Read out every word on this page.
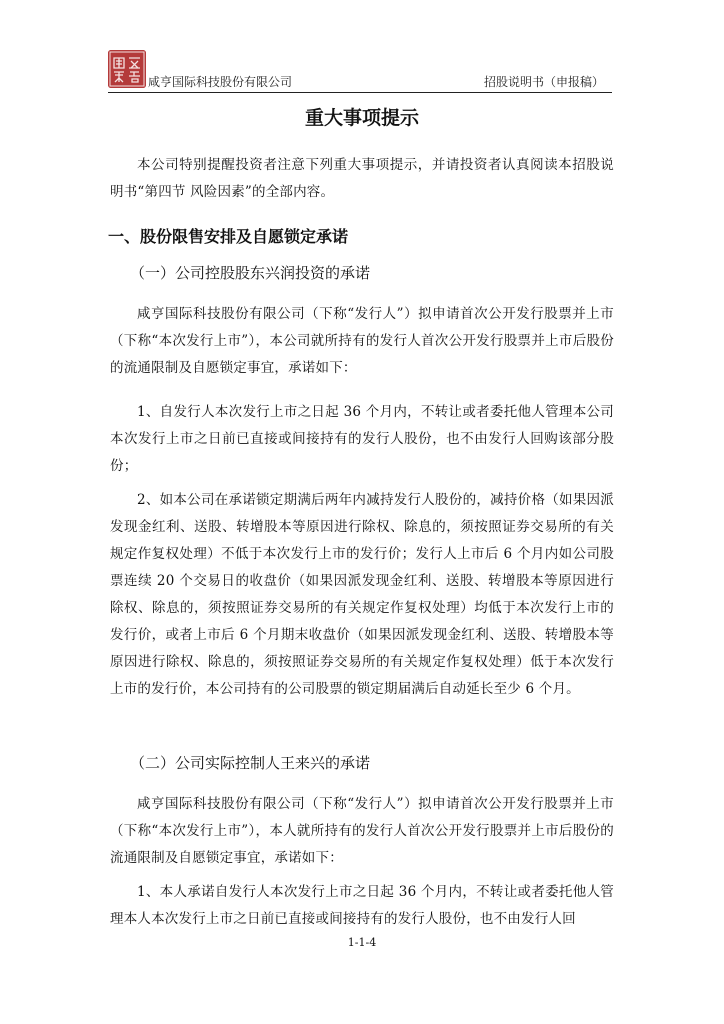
咸亨国际科技股份有限公司	招股说明书（申报稿）
重大事项提示
本公司特别提醒投资者注意下列重大事项提示，并请投资者认真阅读本招股说明书“第四节 风险因素”的全部内容。
一、股份限售安排及自愿锁定承诺
（一）公司控股股东兴润投资的承诺
咸亨国际科技股份有限公司（下称“发行人”）拟申请首次公开发行股票并上市（下称“本次发行上市”），本公司就所持有的发行人首次公开发行股票并上市后股份的流通限制及自愿锁定事宜，承诺如下：
1、自发行人本次发行上市之日起 36 个月内，不转让或者委托他人管理本公司本次发行上市之日前已直接或间接持有的发行人股份，也不由发行人回购该部分股份；
2、如本公司在承诺锁定期满后两年内减持发行人股份的，减持价格（如果因派发现金红利、送股、转增股本等原因进行除权、除息的，须按照证券交易所的有关规定作复权处理）不低于本次发行上市的发行价；发行人上市后 6 个月内如公司股票连续 20 个交易日的收盘价（如果因派发现金红利、送股、转增股本等原因进行除权、除息的，须按照证券交易所的有关规定作复权处理）均低于本次发行上市的发行价，或者上市后 6 个月期末收盘价（如果因派发现金红利、送股、转增股本等原因进行除权、除息的，须按照证券交易所的有关规定作复权处理）低于本次发行上市的发行价，本公司持有的公司股票的锁定期届满后自动延长至少 6 个月。
（二）公司实际控制人王来兴的承诺
咸亨国际科技股份有限公司（下称“发行人”）拟申请首次公开发行股票并上市（下称“本次发行上市”），本人就所持有的发行人首次公开发行股票并上市后股份的流通限制及自愿锁定事宜，承诺如下：
1、本人承诺自发行人本次发行上市之日起 36 个月内，不转让或者委托他人管理本人本次发行上市之日前已直接或间接持有的发行人股份，也不由发行人回
1-1-4
